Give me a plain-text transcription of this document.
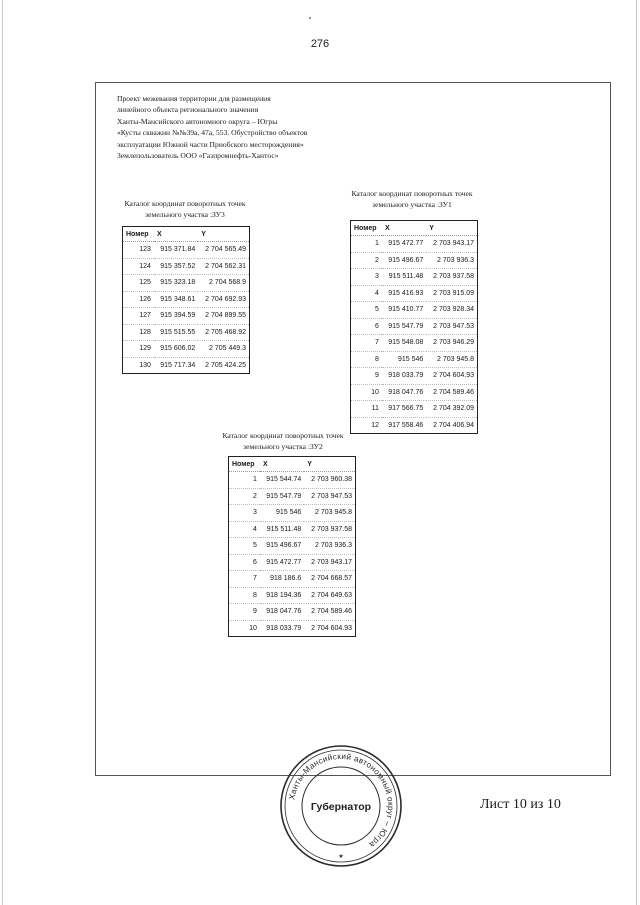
276
Проект межевания территории для размещения
линейного объекта регионального значения
Ханты-Мансийского автономного округа – Югры
«Кусты скважин №№39а, 47а, 553. Обустройство объектов
эксплуатации Южной части Приобского месторождения»
Землепользователь ООО «Газпромнефть-Хантос»
Каталог координат поворотных точек
земельного участка :ЗУ3
Номер	X	Y
123	915 371.84	2 704 565.49
124	915 357.52	2 704 562.31
125	915 323.18	2 704 568.9
126	915 348.61	2 704 692.93
127	915 394.59	2 704 899.55
128	915 515.55	2 705 468.92
129	915 606.02	2 705 449.3
130	915 717.34	2 705 424.25
Каталог координат поворотных точек
земельного участка :ЗУ1
Номер	X	Y
1	915 472.77	2 703 943.17
2	915 496.67	2 703 936.3
3	915 511.48	2 703 937.58
4	915 416.93	2 703 915.09
5	915 410.77	2 703 928.34
6	915 547.79	2 703 947.53
7	915 548.08	2 703 946.29
8	915 546	2 703 945.8
9	918 033.79	2 704 604.93
10	918 047.76	2 704 589.46
11	917 566.75	2 704 392.09
12	917 558.46	2 704 406.94
Каталог координат поворотных точек
земельного участка :ЗУ2
Номер	X	Y
1	915 544.74	2 703 960.38
2	915 547.79	2 703 947.53
3	915 546	2 703 945.8
4	915 511.48	2 703 937.58
5	915 496.67	2 703 936.3
6	915 472.77	2 703 943.17
7	918 186.6	2 704 668.57
8	918 194.36	2 704 649.63
9	918 047.76	2 704 589.46
10	918 033.79	2 704 604.93
Ханты-Мансийский автономный округ – Югра
Губернатор
★
Лист 10 из 10
